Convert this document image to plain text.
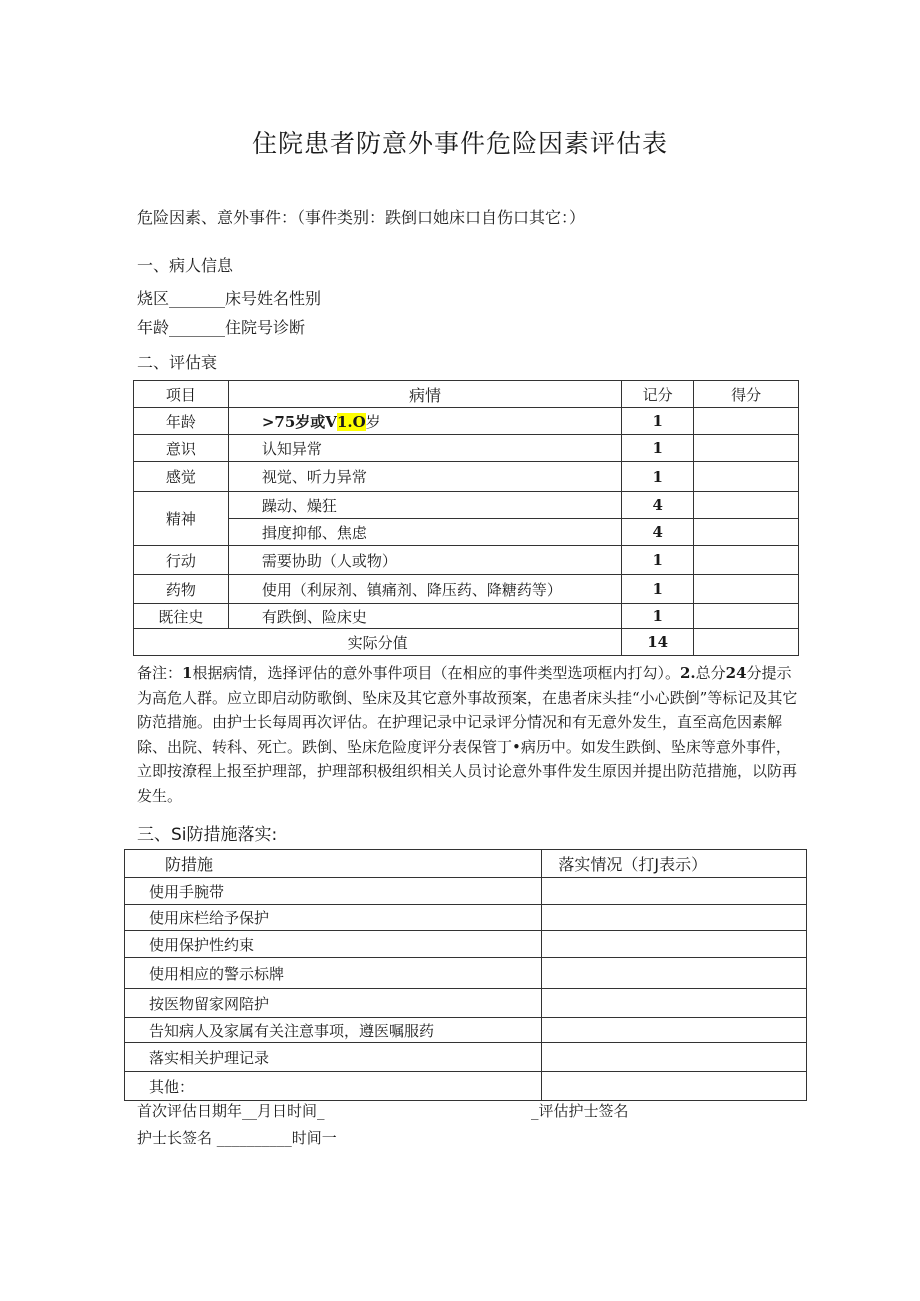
住院患者防意外事件危险因素评估表
危险因素、意外事件：（事件类别：跌倒口她床口自伤口其它：）
一、病人信息
烧区_______床号姓名性别
年龄_______住院号诊断
二、评估衰
项目	病情	记分	得分
年龄	>75岁或V1.O岁	1	
意识	认知异常	1	
感觉	视觉、听力异常	1	
精神	躁动、燥狂	4	
	揖度抑郁、焦虑	4	
行动	需要协助（人或物）	1	
药物	使用（利尿剂、镇痛剂、降压药、降糖药等）	1	
既往史	有跌倒、险床史	1	
实际分值		14	
备注：1根据病情，选择评估的意外事件项目（在相应的事件类型选项框内打勾）。2.总分24分提示为高危人群。应立即启动防歌倒、坠床及其它意外事故预案，在患者床头挂“小心跌倒”等标记及其它防范措施。由护士长每周再次评估。在护理记录中记录评分情况和有无意外发生，直至高危因素解除、出院、转科、死亡。跌倒、坠床危险度评分表保管丁•病历中。如发生跌倒、坠床等意外事件，立即按潦程上报至护理部，护理部积极组织相关人员讨论意外事件发生原因并提出防范措施，以防再发生。
三、Si防措施落实:
防措施	落实情况（打J表示）
使用手腕带	
使用床栏给予保护	
使用保护性约束	
使用相应的警示标牌	
按医物留家网陪护	
告知病人及家属有关注意事项，遵医嘱服药	
落实相关护理记录	
其他：	
首次评估日期年__月日时间_	_评估护士签名
护士长签名 __________时间一
